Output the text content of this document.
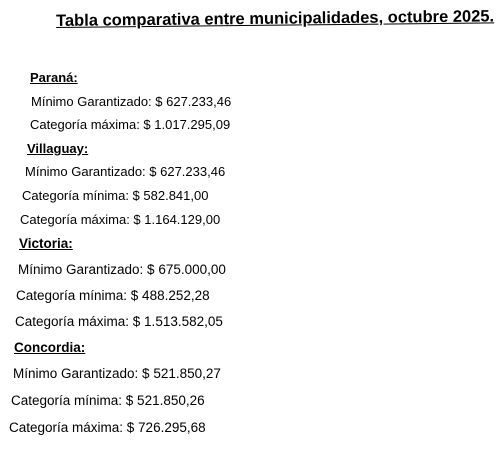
Tabla comparativa entre municipalidades, octubre 2025.
Paraná:
Mínimo Garantizado: $ 627.233,46
Categoría máxima: $ 1.017.295,09
Villaguay:
Mínimo Garantizado: $ 627.233,46
Categoría mínima: $ 582.841,00
Categoría máxima: $ 1.164.129,00
Victoria:
Mínimo Garantizado: $ 675.000,00
Categoría mínima: $ 488.252,28
Categoría máxima: $ 1.513.582,05
Concordia:
Mínimo Garantizado: $ 521.850,27
Categoría mínima: $ 521.850,26
Categoría máxima: $ 726.295,68
